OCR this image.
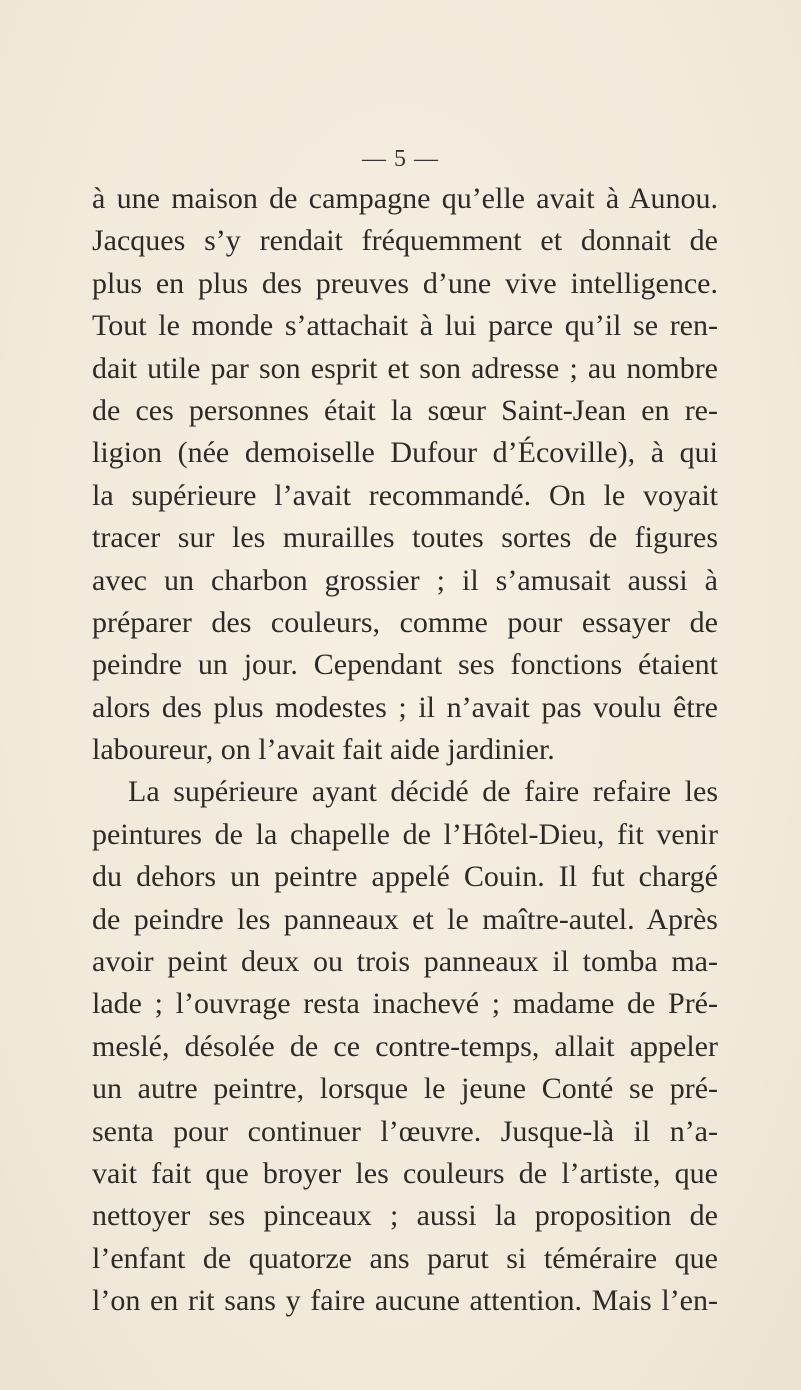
— 5 —
à une maison de campagne qu’elle avait à Aunou.
Jacques s’y rendait fréquemment et donnait de
plus en plus des preuves d’une vive intelligence.
Tout le monde s’attachait à lui parce qu’il se ren-
dait utile par son esprit et son adresse ; au nombre
de ces personnes était la sœur Saint-Jean en re-
ligion (née demoiselle Dufour d’Écoville), à qui
la supérieure l’avait recommandé. On le voyait
tracer sur les murailles toutes sortes de figures
avec un charbon grossier ; il s’amusait aussi à
préparer des couleurs, comme pour essayer de
peindre un jour. Cependant ses fonctions étaient
alors des plus modestes ; il n’avait pas voulu être
laboureur, on l’avait fait aide jardinier.
La supérieure ayant décidé de faire refaire les
peintures de la chapelle de l’Hôtel-Dieu, fit venir
du dehors un peintre appelé Couin. Il fut chargé
de peindre les panneaux et le maître-autel. Après
avoir peint deux ou trois panneaux il tomba ma-
lade ; l’ouvrage resta inachevé ; madame de Pré-
meslé, désolée de ce contre-temps, allait appeler
un autre peintre, lorsque le jeune Conté se pré-
senta pour continuer l’œuvre. Jusque-là il n’a-
vait fait que broyer les couleurs de l’artiste, que
nettoyer ses pinceaux ; aussi la proposition de
l’enfant de quatorze ans parut si téméraire que
l’on en rit sans y faire aucune attention. Mais l’en-
